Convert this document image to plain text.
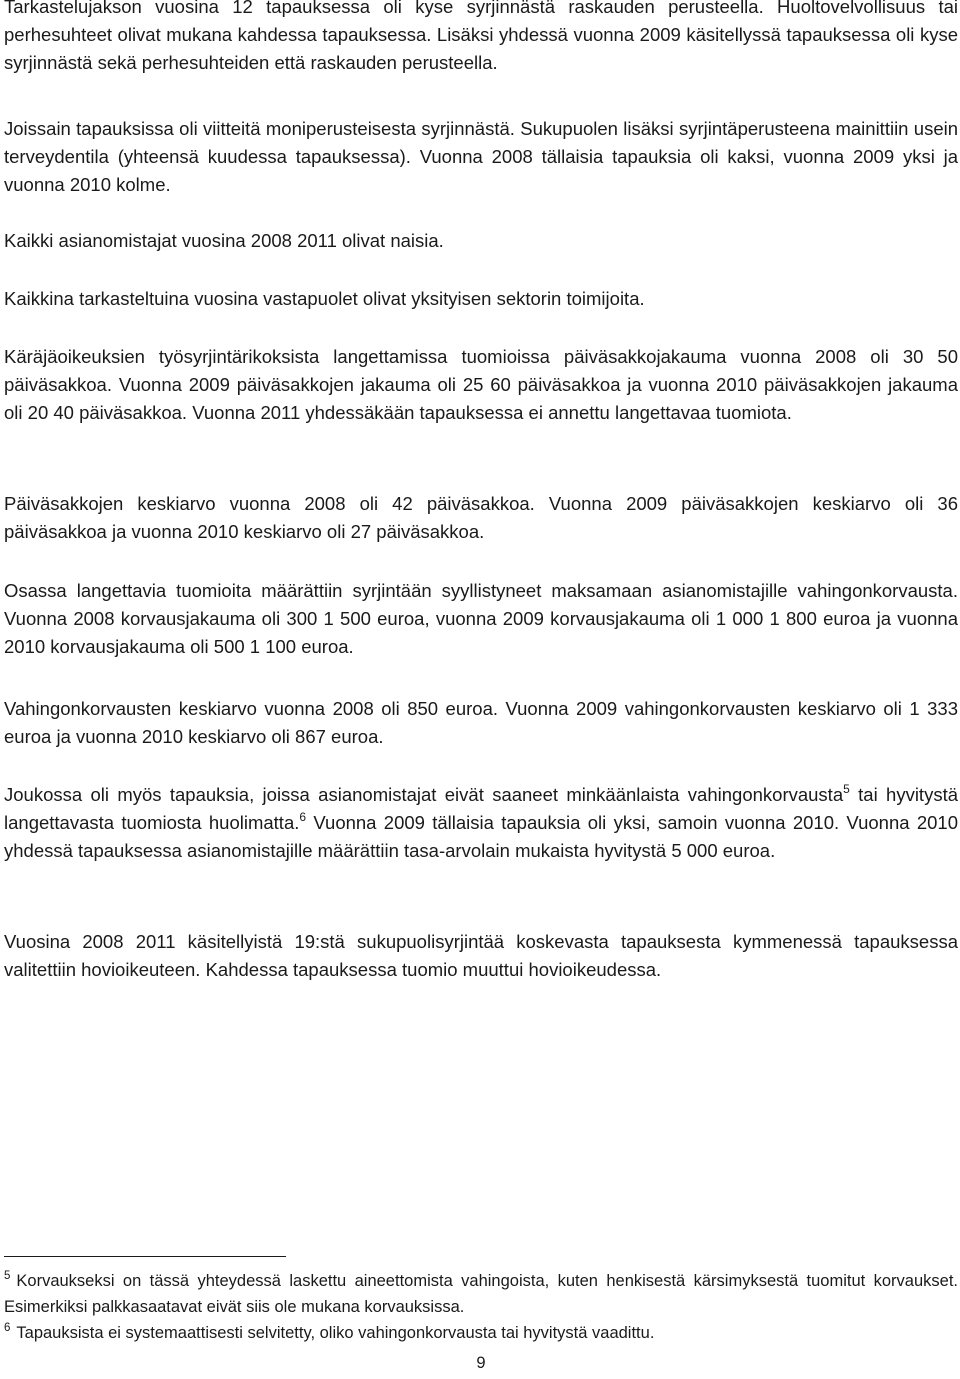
Tarkastelujakson vuosina 12 tapauksessa oli kyse syrjinnästä raskauden perusteella. Huoltovelvollisuus tai perhesuhteet olivat mukana kahdessa tapauksessa. Lisäksi yhdessä vuonna 2009 käsitellyssä tapauksessa oli kyse syrjinnästä sekä perhesuhteiden että raskauden perusteella.

Joissain tapauksissa oli viitteitä moniperusteisesta syrjinnästä. Sukupuolen lisäksi syrjintäperusteena mainittiin usein terveydentila (yhteensä kuudessa tapauksessa). Vuonna 2008 tällaisia tapauksia oli kaksi, vuonna 2009 yksi ja vuonna 2010 kolme.

Kaikki asianomistajat vuosina 2008 2011 olivat naisia.

Kaikkina tarkasteltuina vuosina vastapuolet olivat yksityisen sektorin toimijoita.

Käräjäoikeuksien työsyrjintärikoksista langettamissa tuomioissa päiväsakkojakauma vuonna 2008 oli 30 50 päiväsakkoa. Vuonna 2009 päiväsakkojen jakauma oli 25 60 päiväsakkoa ja vuonna 2010 päiväsakkojen jakauma oli 20 40 päiväsakkoa. Vuonna 2011 yhdessäkään tapauksessa ei annettu langettavaa tuomiota.

Päiväsakkojen keskiarvo vuonna 2008 oli 42 päiväsakkoa. Vuonna 2009 päiväsakkojen keskiarvo oli 36 päiväsakkoa ja vuonna 2010 keskiarvo oli 27 päiväsakkoa.

Osassa langettavia tuomioita määrättiin syrjintään syyllistyneet maksamaan asianomistajille vahingonkorvausta. Vuonna 2008 korvausjakauma oli 300 1 500 euroa, vuonna 2009 korvausjakauma oli 1 000 1 800 euroa ja vuonna 2010 korvausjakauma oli 500 1 100 euroa.

Vahingonkorvausten keskiarvo vuonna 2008 oli 850 euroa. Vuonna 2009 vahingonkorvausten keskiarvo oli 1 333 euroa ja vuonna 2010 keskiarvo oli 867 euroa.

Joukossa oli myös tapauksia, joissa asianomistajat eivät saaneet minkäänlaista vahingonkorvausta$^5$ tai hyvitystä langettavasta tuomiosta huolimatta.$^6$ Vuonna 2009 tällaisia tapauksia oli yksi, samoin vuonna 2010. Vuonna 2010 yhdessä tapauksessa asianomistajille määrättiin tasa-arvolain mukaista hyvitystä 5 000 euroa.

Vuosina 2008 2011 käsitellyistä 19:stä sukupuolisyrjintää koskevasta tapauksesta kymmenessä tapauksessa valitettiin hovioikeuteen. Kahdessa tapauksessa tuomio muuttui hovioikeudessa.

$^5$ Korvaukseksi on tässä yhteydessä laskettu aineettomista vahingoista, kuten henkisestä kärsimyksestä tuomitut korvaukset. Esimerkiksi palkkasaatavat eivät siis ole mukana korvauksissa.

$^6$ Tapauksista ei systemaattisesti selvitetty, oliko vahingonkorvausta tai hyvitystä vaadittu.

9
